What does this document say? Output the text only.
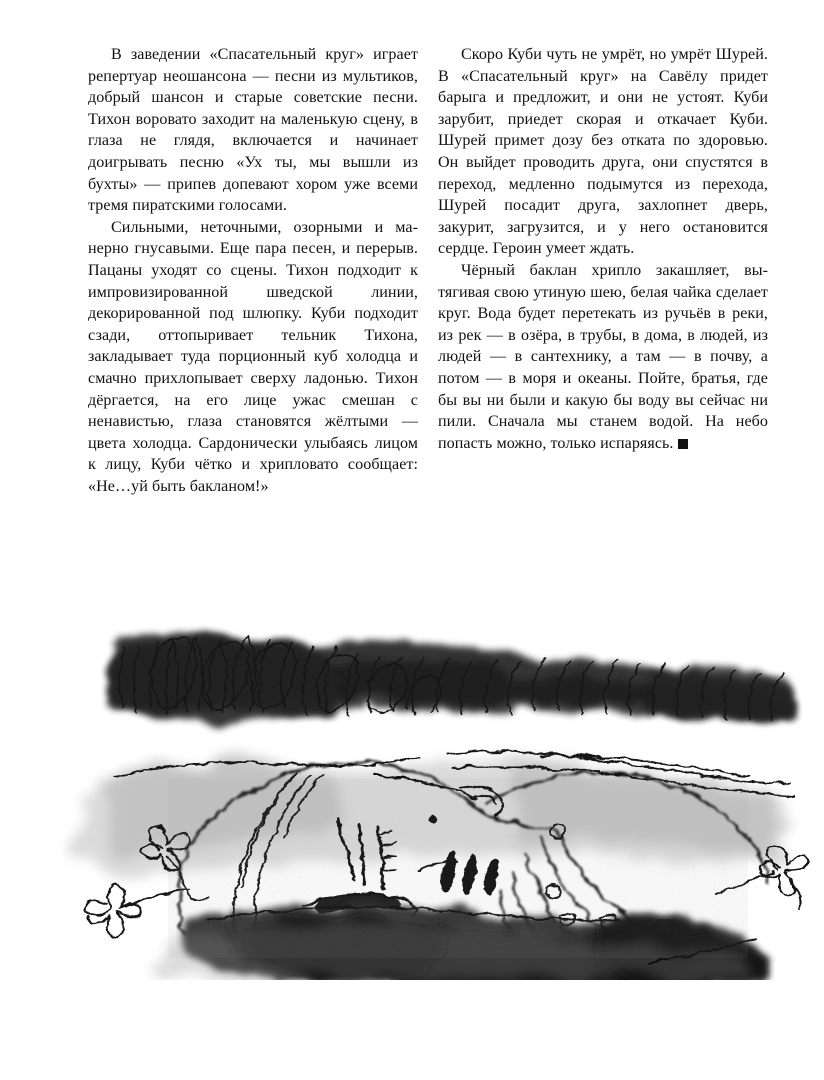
В заведении «Спасательный круг» играет репертуар неошансона — песни из мультиков, добрый шансон и старые советские песни. Тихон воровато заходит на маленькую сцену, в глаза не глядя, включается и начинает доигрывать песню «Ух ты, мы вышли из бухты» — припев допевают хором уже всеми тремя пиратскими голосами.

Сильными, неточными, озорными и манерно гнусавыми. Еще пара песен, и перерыв. Пацаны уходят со сцены. Тихон подходит к импровизированной шведской линии, декорированной под шлюпку. Куби подходит сзади, оттопыривает тельник Тихона, закладывает туда порционный куб холодца и смачно прихлопывает сверху ладонью. Тихон дёргается, на его лице ужас смешан с ненавистью, глаза становятся жёлтыми — цвета холодца. Сардонически улыбаясь лицом к лицу, Куби чётко и хрипловато сообщает: «Не…уй быть бакланом!»

Скоро Куби чуть не умрёт, но умрёт Шурей. В «Спасательный круг» на Савёлу придет барыга и предложит, и они не устоят. Куби зарубит, приедет скорая и откачает Куби. Шурей примет дозу без отката по здоровью. Он выйдет проводить друга, они спустятся в переход, медленно подымутся из перехода, Шурей посадит друга, захлопнет дверь, закурит, загрузится, и у него остановится сердце. Героин умеет ждать.

Чёрный баклан хрипло закашляет, вытягивая свою утиную шею, белая чайка сделает круг. Вода будет перетекать из ручьёв в реки, из рек — в озёра, в трубы, в дома, в людей, из людей — в сантехнику, а там — в почву, а потом — в моря и океаны. Пойте, братья, где бы вы ни были и какую бы воду вы сейчас ни пили. Сначала мы станем водой. На небо попасть можно, только испаряясь.
